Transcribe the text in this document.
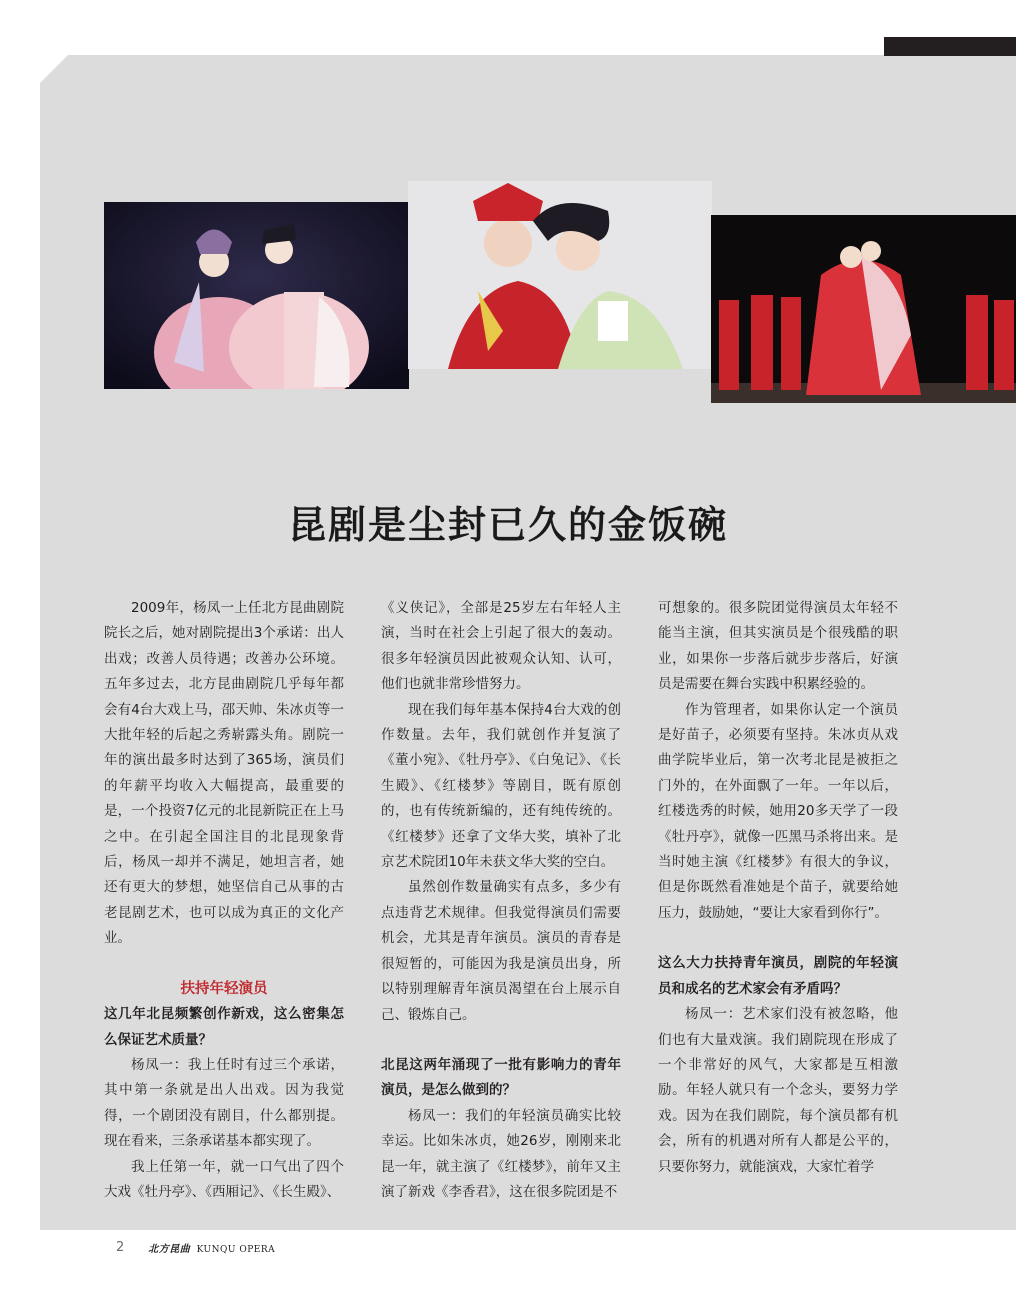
昆剧是尘封已久的金饭碗

2009年，杨凤一上任北方昆曲剧院院长之后，她对剧院提出3个承诺：出人出戏；改善人员待遇；改善办公环境。五年多过去，北方昆曲剧院几乎每年都会有4台大戏上马，邵天帅、朱冰贞等一大批年轻的后起之秀崭露头角。剧院一年的演出最多时达到了365场，演员们的年薪平均收入大幅提高，最重要的是，一个投资7亿元的北昆新院正在上马之中。在引起全国注目的北昆现象背后，杨凤一却并不满足，她坦言者，她还有更大的梦想，她坚信自己从事的古老昆剧艺术，也可以成为真正的文化产业。

扶持年轻演员

这几年北昆频繁创作新戏，这么密集怎么保证艺术质量？

杨凤一：我上任时有过三个承诺，其中第一条就是出人出戏。因为我觉得，一个剧团没有剧目，什么都别提。现在看来，三条承诺基本都实现了。

我上任第一年，就一口气出了四个大戏《牡丹亭》、《西厢记》、《长生殿》、

《义侠记》，全部是25岁左右年轻人主演，当时在社会上引起了很大的轰动。很多年轻演员因此被观众认知、认可，他们也就非常珍惜努力。

现在我们每年基本保持4台大戏的创作数量。去年，我们就创作并复演了《董小宛》、《牡丹亭》、《白兔记》、《长生殿》、《红楼梦》等剧目，既有原创的，也有传统新编的，还有纯传统的。《红楼梦》还拿了文华大奖，填补了北京艺术院团10年未获文华大奖的空白。

虽然创作数量确实有点多，多少有点违背艺术规律。但我觉得演员们需要机会，尤其是青年演员。演员的青春是很短暂的，可能因为我是演员出身，所以特别理解青年演员渴望在台上展示自己、锻炼自己。

北昆这两年涌现了一批有影响力的青年演员，是怎么做到的？

杨凤一：我们的年轻演员确实比较幸运。比如朱冰贞，她26岁，刚刚来北昆一年，就主演了《红楼梦》，前年又主演了新戏《李香君》，这在很多院团是不

可想象的。很多院团觉得演员太年轻不能当主演，但其实演员是个很残酷的职业，如果你一步落后就步步落后，好演员是需要在舞台实践中积累经验的。

作为管理者，如果你认定一个演员是好苗子，必须要有坚持。朱冰贞从戏曲学院毕业后，第一次考北昆是被拒之门外的，在外面飘了一年。一年以后，红楼选秀的时候，她用20多天学了一段《牡丹亭》，就像一匹黑马杀将出来。是当时她主演《红楼梦》有很大的争议，但是你既然看准她是个苗子，就要给她压力，鼓励她，“要让大家看到你行”。

这么大力扶持青年演员，剧院的年轻演员和成名的艺术家会有矛盾吗？

杨凤一：艺术家们没有被忽略，他们也有大量戏演。我们剧院现在形成了一个非常好的风气，大家都是互相激励。年轻人就只有一个念头，要努力学戏。因为在我们剧院，每个演员都有机会，所有的机遇对所有人都是公平的，只要你努力，就能演戏，大家忙着学

2 北方昆曲 KUNQU OPERA
